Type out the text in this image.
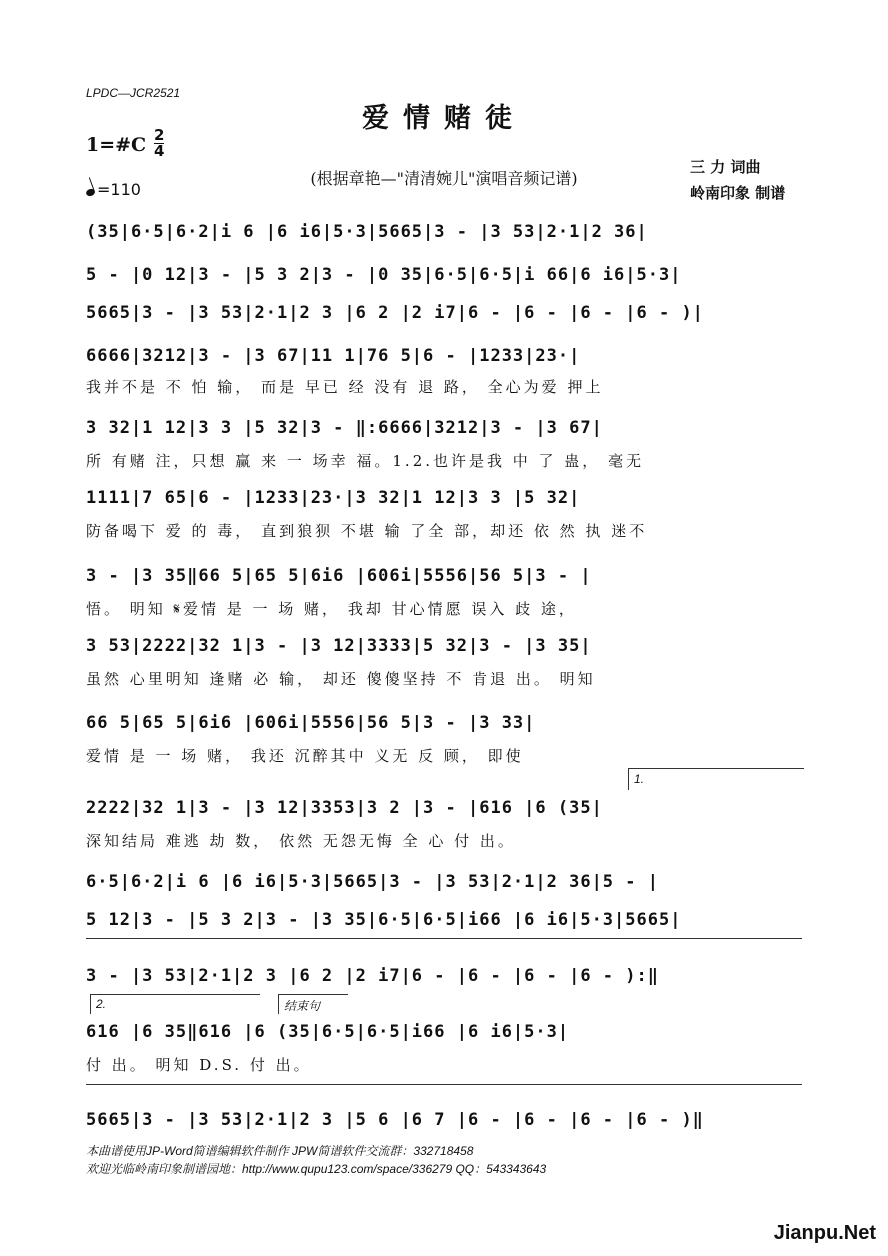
LPDC—JCR2521
爱情赌徒
1=#C 2
4
=110
(根据章艳—"清清婉儿"演唱音频记谱)
三 力 词曲
岭南印象 制谱
(35|6·5|6·2|i 6 |6 i6|5·3|5665|3 - |3 53|2·1|2 36|
5 - |0 12|3 - |5 3 2|3 - |0 35|6·5|6·5|i 66|6 i6|5·3|
5665|3 - |3 53|2·1|2 3 |6 2 |2 i7|6 - |6 - |6 - |6 - )|
6666|3212|3 - |3 67|11 1|76 5|6 - |1233|23·|
我并不是 不 怕 输， 而是 早已 经 没有 退 路， 全心为爱 押上
3 32|1 12|3 3 |5 32|3 - ‖:6666|3212|3 - |3 67|
所 有赌 注，只想 赢 来 一 场幸 福。1.2.也许是我 中 了 蛊， 毫无
1111|7 65|6 - |1233|23·|3 32|1 12|3 3 |5 32|
防备喝下 爱 的 毒， 直到狼狈 不堪 输 了全 部，却还 依 然 执 迷不
3 - |3 35‖66 5|65 5|6i6 |606i|5556|56 5|3 - |
悟。 明知 𝄋爱情 是 一 场 赌， 我却 甘心情愿 误入 歧 途，
3 53|2222|32 1|3 - |3 12|3333|5 32|3 - |3 35|
虽然 心里明知 逢赌 必 输， 却还 傻傻坚持 不 肯退 出。 明知
66 5|65 5|6i6 |606i|5556|56 5|3 - |3 33|
爱情 是 一 场 赌， 我还 沉醉其中 义无 反 顾， 即使
1.
2222|32 1|3 - |3 12|3353|3 2 |3 - |616 |6 (35|
深知结局 难逃 劫 数， 依然 无怨无悔 全 心 付 出。
6·5|6·2|i 6 |6 i6|5·3|5665|3 - |3 53|2·1|2 36|5 - |
5 12|3 - |5 3 2|3 - |3 35|6·5|6·5|i66 |6 i6|5·3|5665|
3 - |3 53|2·1|2 3 |6 2 |2 i7|6 - |6 - |6 - |6 - ):‖
2.	结束句
616 |6 35‖616 |6 (35|6·5|6·5|i66 |6 i6|5·3|
付 出。 明知 D.S. 付 出。
5665|3 - |3 53|2·1|2 3 |5 6 |6 7 |6 - |6 - |6 - |6 - )‖
本曲谱使用JP-Word简谱编辑软件制作 JPW简谱软件交流群：332718458
欢迎光临岭南印象制谱园地：http://www.qupu123.com/space/336279 QQ：543343643
Jianpu.Net
